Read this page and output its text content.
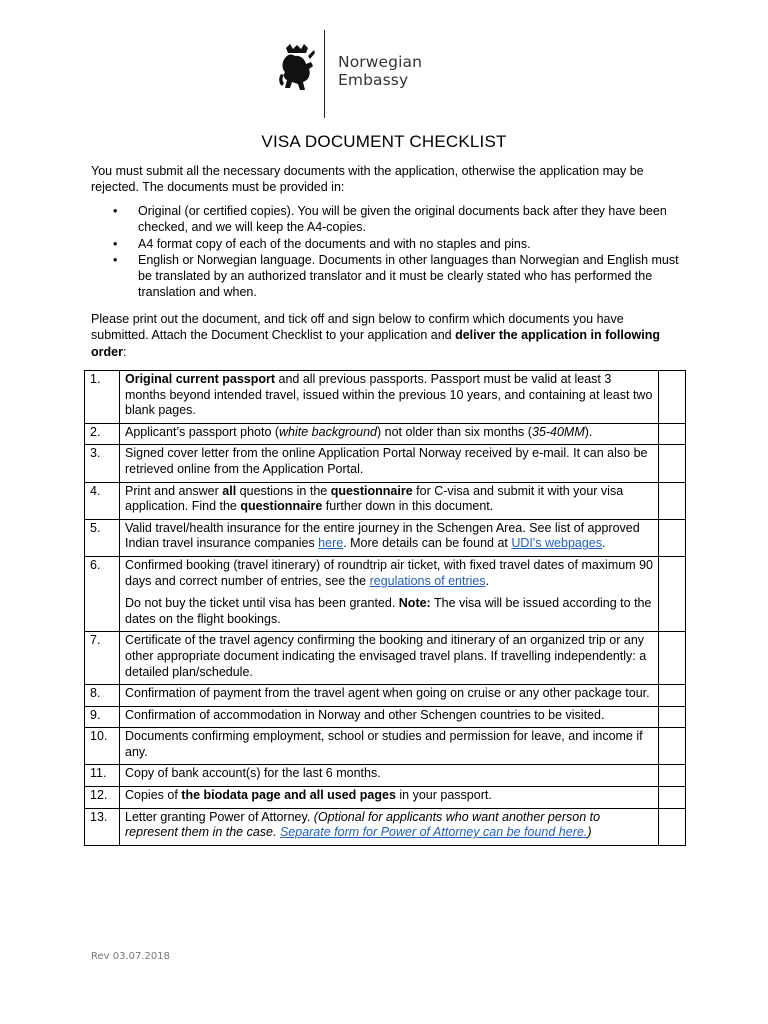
Norwegian Embassy
VISA DOCUMENT CHECKLIST

You must submit all the necessary documents with the application, otherwise the application may be rejected. The documents must be provided in:

• Original (or certified copies). You will be given the original documents back after they have been checked, and we will keep the A4-copies.
• A4 format copy of each of the documents and with no staples and pins.
• English or Norwegian language. Documents in other languages than Norwegian and English must be translated by an authorized translator and it must be clearly stated who has performed the translation and when.

Please print out the document, and tick off and sign below to confirm which documents you have submitted. Attach the Document Checklist to your application and deliver the application in following order:

1.	Original current passport and all previous passports. Passport must be valid at least 3 months beyond intended travel, issued within the previous 10 years, and containing at least two blank pages.	

2.	Applicant’s passport photo (white background) not older than six months (35-40MM).	

3.	Signed cover letter from the online Application Portal Norway received by e-mail. It can also be retrieved online from the Application Portal.	

4.	Print and answer all questions in the questionnaire for C-visa and submit it with your visa application. Find the questionnaire further down in this document.	

5.	Valid travel/health insurance for the entire journey in the Schengen Area. See list of approved Indian travel insurance companies here. More details can be found at UDI's webpages.	

6.	Confirmed booking (travel itinerary) of roundtrip air ticket, with fixed travel dates of maximum 90 days and correct number of entries, see the regulations of entries.

Do not buy the ticket until visa has been granted. Note: The visa will be issued according to the dates on the flight bookings.	

7.	Certificate of the travel agency confirming the booking and itinerary of an organized trip or any other appropriate document indicating the envisaged travel plans. If travelling independently: a detailed plan/schedule.	

8.	Confirmation of payment from the travel agent when going on cruise or any other package tour.	

9.	Confirmation of accommodation in Norway and other Schengen countries to be visited.	

10.	Documents confirming employment, school or studies and permission for leave, and income if any.	

11.	Copy of bank account(s) for the last 6 months.	

12.	Copies of the biodata page and all used pages in your passport.	

13.	Letter granting Power of Attorney. (Optional for applicants who want another person to represent them in the case. Separate form for Power of Attorney can be found here.)	

Rev 03.07.2018
